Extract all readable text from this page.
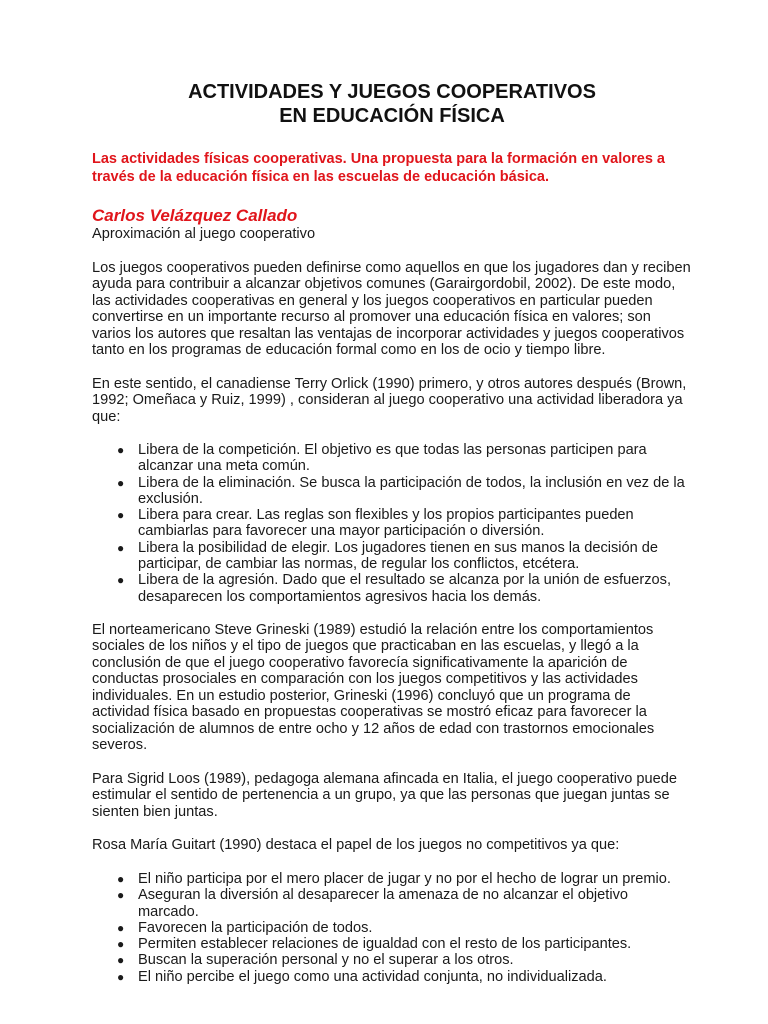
ACTIVIDADES Y JUEGOS COOPERATIVOS
EN EDUCACIÓN FÍSICA

Las actividades físicas cooperativas. Una propuesta para la formación en valores a través de la educación física en las escuelas de educación básica.

Carlos Velázquez Callado

Aproximación al juego cooperativo

Los juegos cooperativos pueden definirse como aquellos en que los jugadores dan y reciben ayuda para contribuir a alcanzar objetivos comunes (Garairgordobil, 2002). De este modo, las actividades cooperativas en general y los juegos cooperativos en particular pueden convertirse en un importante recurso al promover una educación física en valores; son varios los autores que resaltan las ventajas de incorporar actividades y juegos cooperativos tanto en los programas de educación formal como en los de ocio y tiempo libre.

En este sentido, el canadiense Terry Orlick (1990) primero, y otros autores después (Brown, 1992; Omeñaca y Ruiz, 1999) , consideran al juego cooperativo una actividad liberadora ya que:

● Libera de la competición. El objetivo es que todas las personas participen para alcanzar una meta común.
● Libera de la eliminación. Se busca la participación de todos, la inclusión en vez de la exclusión.
● Libera para crear. Las reglas son flexibles y los propios participantes pueden cambiarlas para favorecer una mayor participación o diversión.
● Libera la posibilidad de elegir. Los jugadores tienen en sus manos la decisión de participar, de cambiar las normas, de regular los conflictos, etcétera.
● Libera de la agresión. Dado que el resultado se alcanza por la unión de esfuerzos, desaparecen los comportamientos agresivos hacia los demás.

El norteamericano Steve Grineski (1989) estudió la relación entre los comportamientos sociales de los niños y el tipo de juegos que practicaban en las escuelas, y llegó a la conclusión de que el juego cooperativo favorecía significativamente la aparición de conductas prosociales en comparación con los juegos competitivos y las actividades individuales. En un estudio posterior, Grineski (1996) concluyó que un programa de actividad física basado en propuestas cooperativas se mostró eficaz para favorecer la socialización de alumnos de entre ocho y 12 años de edad con trastornos emocionales severos.

Para Sigrid Loos (1989), pedagoga alemana afincada en Italia, el juego cooperativo puede estimular el sentido de pertenencia a un grupo, ya que las personas que juegan juntas se sienten bien juntas.

Rosa María Guitart (1990) destaca el papel de los juegos no competitivos ya que:

● El niño participa por el mero placer de jugar y no por el hecho de lograr un premio.
● Aseguran la diversión al desaparecer la amenaza de no alcanzar el objetivo marcado.
● Favorecen la participación de todos.
● Permiten establecer relaciones de igualdad con el resto de los participantes.
● Buscan la superación personal y no el superar a los otros.
● El niño percibe el juego como una actividad conjunta, no individualizada.
